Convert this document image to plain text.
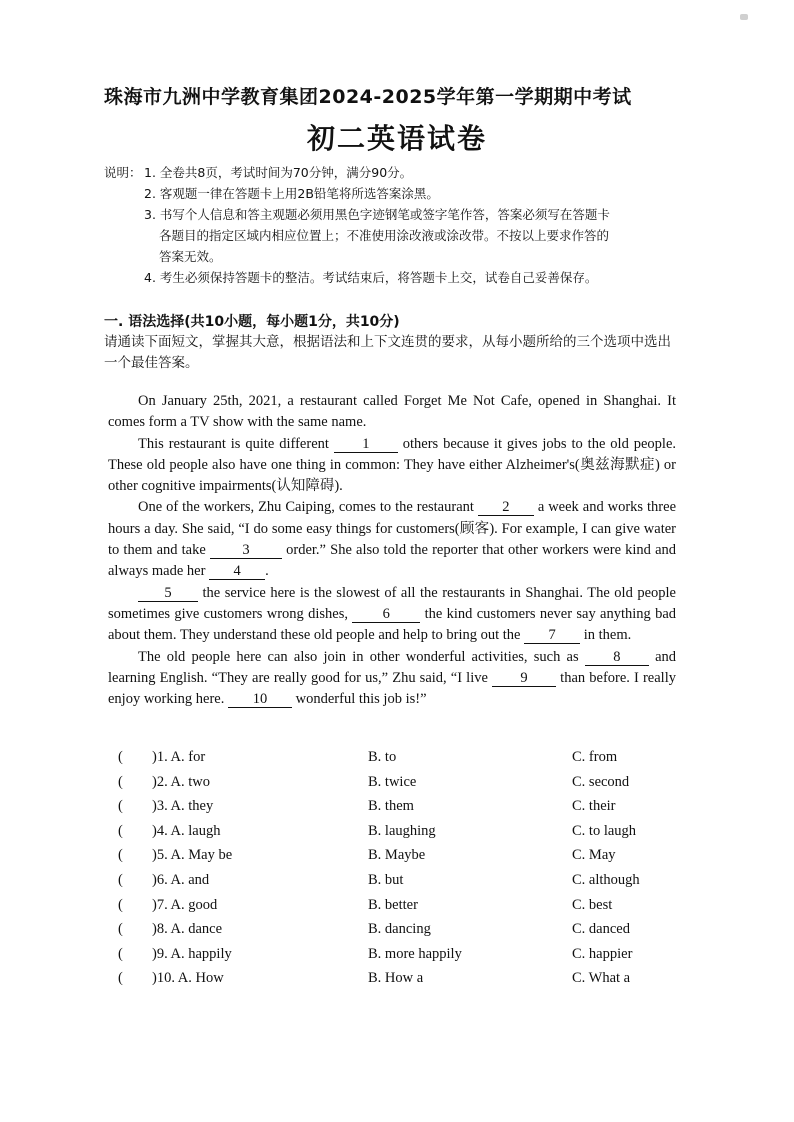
珠海市九洲中学教育集团2024-2025学年第一学期期中考试
初二英语试卷
说明： 1. 全卷共8页，考试时间为70分钟，满分90分。
2. 客观题一律在答题卡上用2B铅笔将所选答案涂黑。
3. 书写个人信息和答主观题必须用黑色字迹钢笔或签字笔作答，答案必须写在答题卡
各题目的指定区域内相应位置上；不准使用涂改液或涂改带。不按以上要求作答的
答案无效。
4. 考生必须保持答题卡的整洁。考试结束后，将答题卡上交，试卷自己妥善保存。
一. 语法选择(共10小题，每小题1分，共10分)
请通读下面短文，掌握其大意，根据语法和上下文连贯的要求，从每小题所给的三个选项中选出一个最佳答案。

On January 25th, 2021, a restaurant called Forget Me Not Cafe, opened in Shanghai. It comes form a TV show with the same name.

This restaurant is quite different 1 others because it gives jobs to the old people. These old people also have one thing in common: They have either Alzheimer's(奥兹海默症) or other cognitive impairments(认知障碍).

One of the workers, Zhu Caiping, comes to the restaurant 2 a week and works three hours a day. She said, “I do some easy things for customers(顾客). For example, I can give water to them and take	3	order.” She also told the reporter that other workers were kind and always made her 4 .

5 the service here is the slowest of all the restaurants in Shanghai. The old people sometimes give customers wrong dishes, 6 the kind customers never say anything bad about them. They understand these old people and help to bring out the 7 in them.

The old people here can also join in other wonderful activities, such as 8 and learning English. “They are really good for us,” Zhu said, “I live 9 than before. I really enjoy working here. 10 wonderful this job is!”

( )1. A. for	B. to	C. from
( )2. A. two	B. twice	C. second
( )3. A. they	B. them	C. their
( )4. A. laugh	B. laughing	C. to laugh
( )5. A. May be	B. Maybe	C. May
( )6. A. and	B. but	C. although
( )7. A. good	B. better	C. best
( )8. A. dance	B. dancing	C. danced
( )9. A. happily	B. more happily	C. happier
( )10. A. How	B. How a	C. What a
